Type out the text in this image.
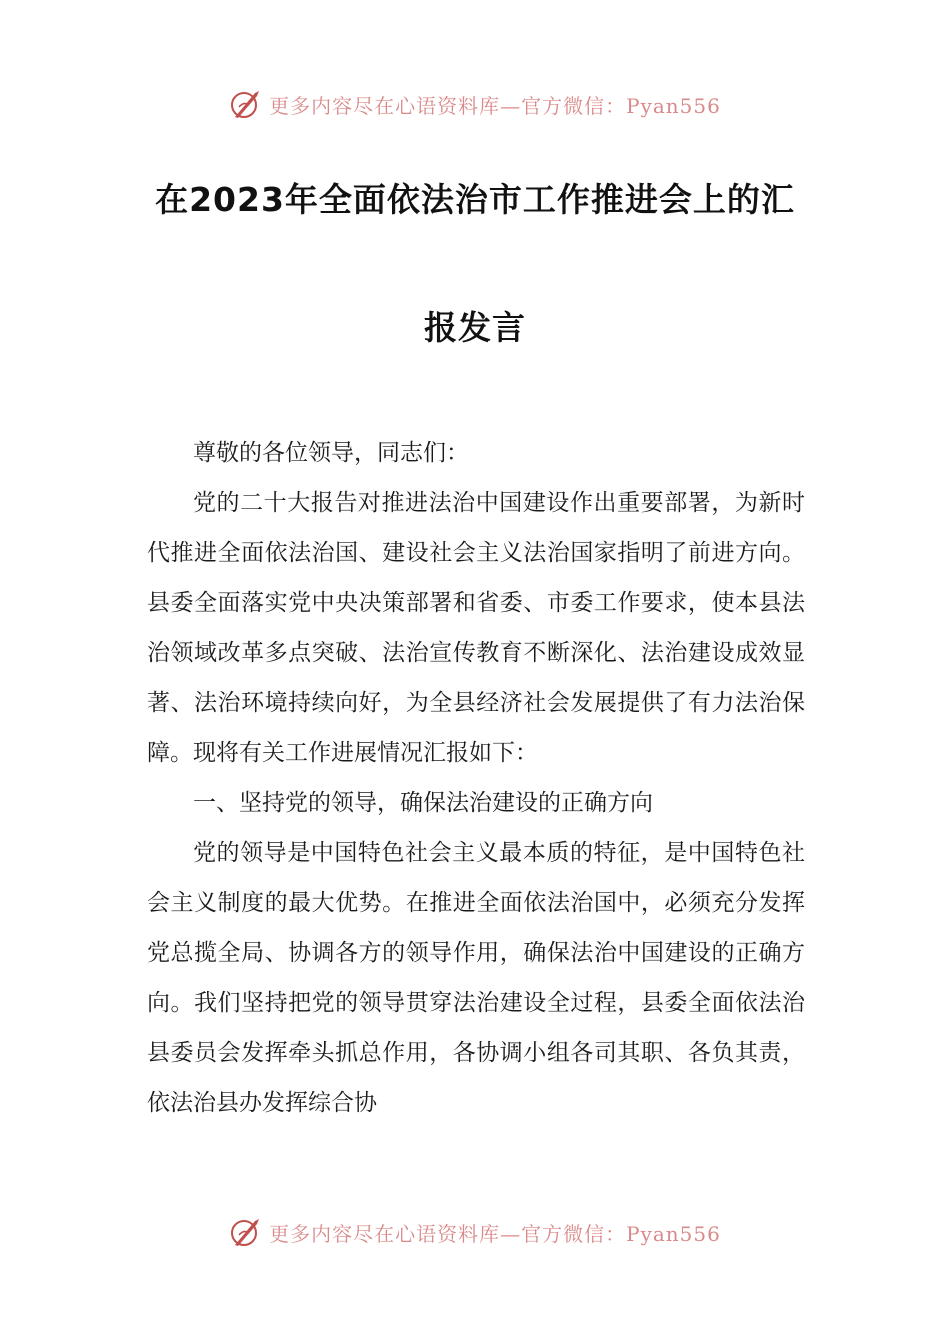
更多内容尽在心语资料库—官方微信：Pyan556
在2023年全面依法治市工作推进会上的汇
报发言

尊敬的各位领导，同志们：

党的二十大报告对推进法治中国建设作出重要部署，为新时代推进全面依法治国、建设社会主义法治国家指明了前进方向。县委全面落实党中央决策部署和省委、市委工作要求，使本县法治领域改革多点突破、法治宣传教育不断深化、法治建设成效显著、法治环境持续向好，为全县经济社会发展提供了有力法治保障。现将有关工作进展情况汇报如下：

一、坚持党的领导，确保法治建设的正确方向

党的领导是中国特色社会主义最本质的特征，是中国特色社会主义制度的最大优势。在推进全面依法治国中，必须充分发挥党总揽全局、协调各方的领导作用，确保法治中国建设的正确方向。我们坚持把党的领导贯穿法治建设全过程，县委全面依法治县委员会发挥牵头抓总作用，各协调小组各司其职、各负其责，依法治县办发挥综合协

更多内容尽在心语资料库—官方微信：Pyan556
